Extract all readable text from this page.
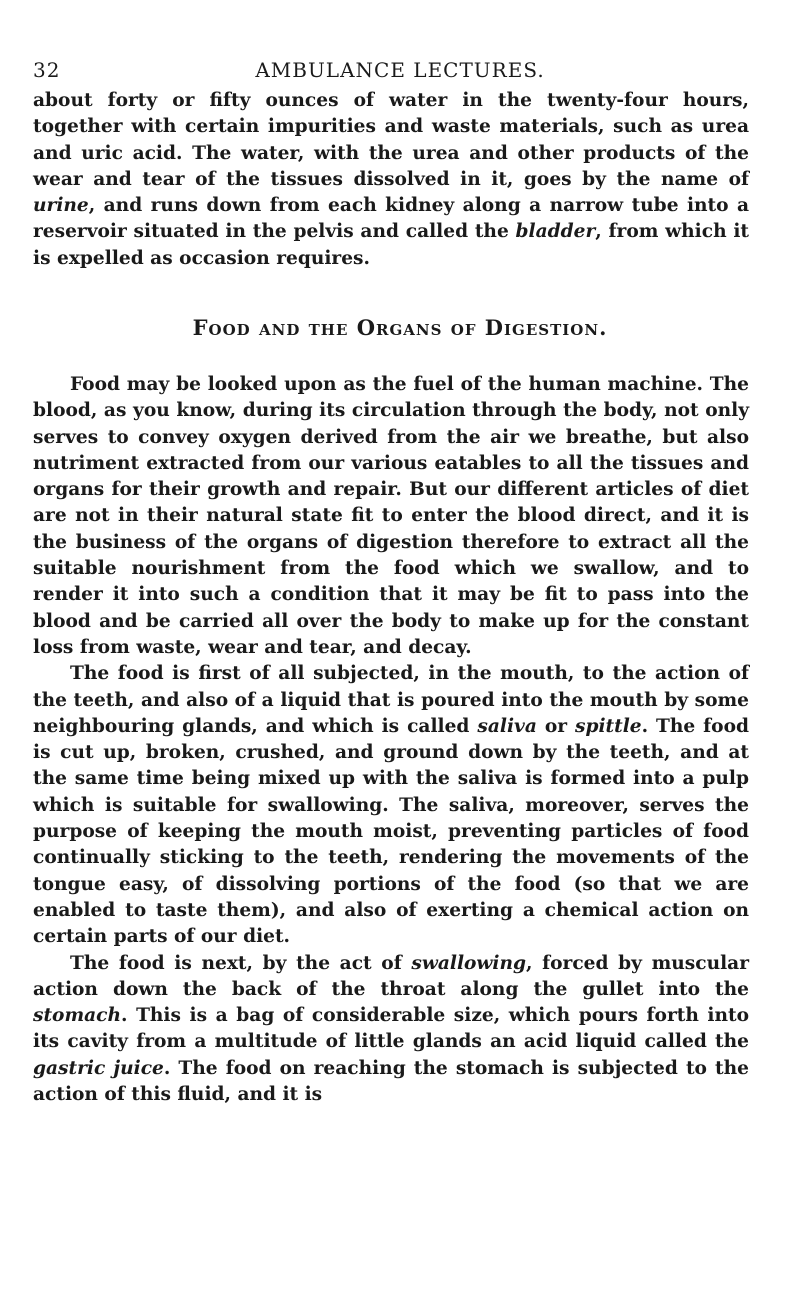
32	AMBULANCE LECTURES.

about forty or fifty ounces of water in the twenty-four hours, together with certain impurities and waste materials, such as urea and uric acid. The water, with the urea and other products of the wear and tear of the tissues dissolved in it, goes by the name of urine, and runs down from each kidney along a narrow tube into a reservoir situated in the pelvis and called the bladder, from which it is expelled as occasion requires.

Food and the Organs of Digestion.

Food may be looked upon as the fuel of the human machine. The blood, as you know, during its circulation through the body, not only serves to convey oxygen derived from the air we breathe, but also nutriment extracted from our various eatables to all the tissues and organs for their growth and repair. But our different articles of diet are not in their natural state fit to enter the blood direct, and it is the business of the organs of digestion therefore to extract all the suitable nourishment from the food which we swallow, and to render it into such a condition that it may be fit to pass into the blood and be carried all over the body to make up for the constant loss from waste, wear and tear, and decay.

The food is first of all subjected, in the mouth, to the action of the teeth, and also of a liquid that is poured into the mouth by some neighbouring glands, and which is called saliva or spittle. The food is cut up, broken, crushed, and ground down by the teeth, and at the same time being mixed up with the saliva is formed into a pulp which is suitable for swallowing. The saliva, moreover, serves the purpose of keeping the mouth moist, preventing particles of food continually sticking to the teeth, rendering the movements of the tongue easy, of dissolving portions of the food (so that we are enabled to taste them), and also of exerting a chemical action on certain parts of our diet.

The food is next, by the act of swallowing, forced by muscular action down the back of the throat along the gullet into the stomach. This is a bag of considerable size, which pours forth into its cavity from a multitude of little glands an acid liquid called the gastric juice. The food on reaching the stomach is subjected to the action of this fluid, and it is
